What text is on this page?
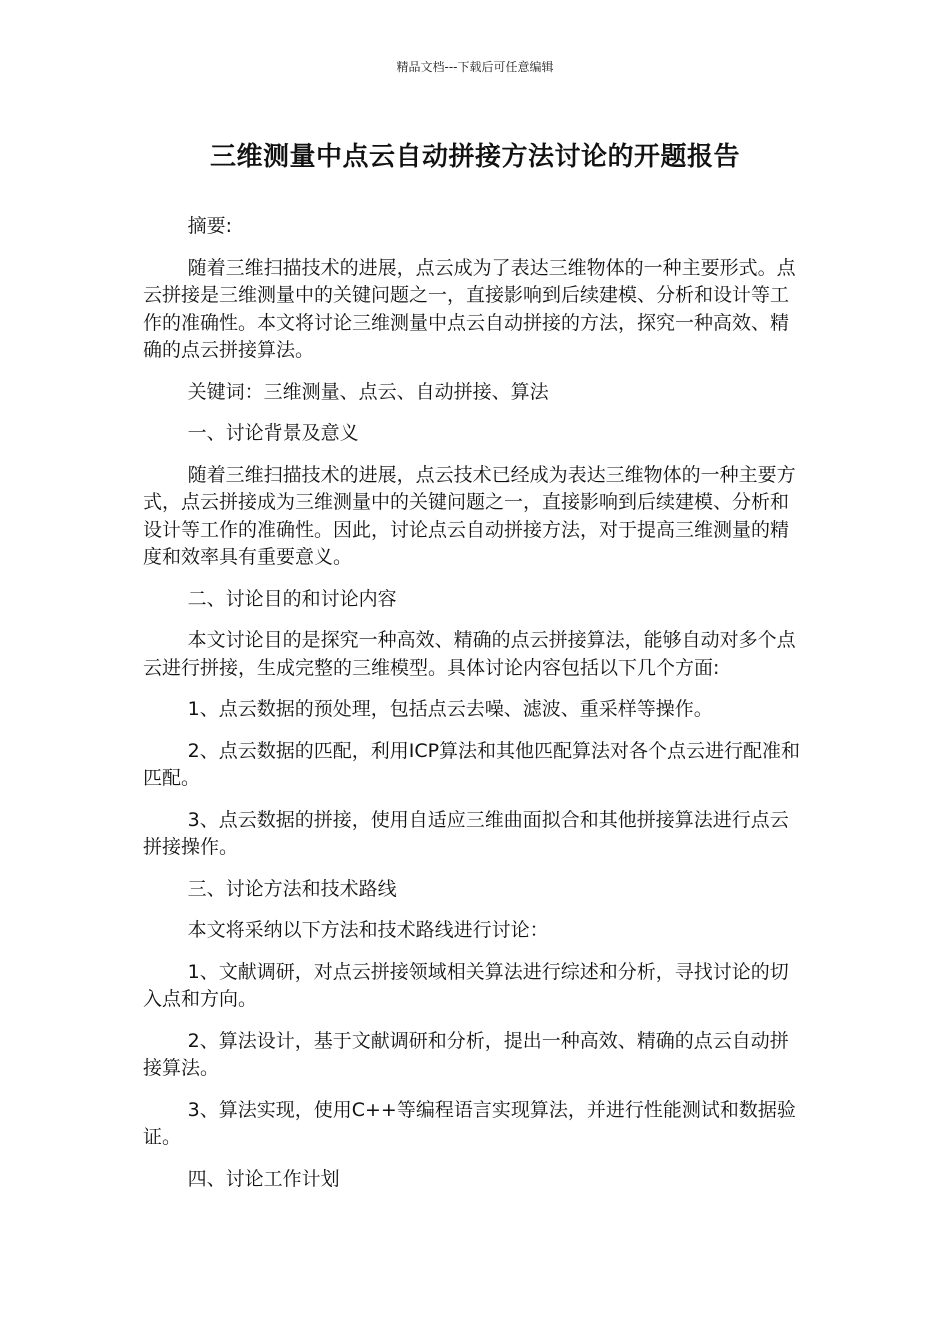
精品文档---下载后可任意编辑
三维测量中点云自动拼接方法讨论的开题报告

摘要:

随着三维扫描技术的进展，点云成为了表达三维物体的一种主要形式。点云拼接是三维测量中的关键问题之一，直接影响到后续建模、分析和设计等工作的准确性。本文将讨论三维测量中点云自动拼接的方法，探究一种高效、精确的点云拼接算法。

关键词：三维测量、点云、自动拼接、算法

一、讨论背景及意义

随着三维扫描技术的进展，点云技术已经成为表达三维物体的一种主要方式，点云拼接成为三维测量中的关键问题之一，直接影响到后续建模、分析和设计等工作的准确性。因此，讨论点云自动拼接方法，对于提高三维测量的精度和效率具有重要意义。

二、讨论目的和讨论内容

本文讨论目的是探究一种高效、精确的点云拼接算法，能够自动对多个点云进行拼接，生成完整的三维模型。具体讨论内容包括以下几个方面:

1、点云数据的预处理，包括点云去噪、滤波、重采样等操作。

2、点云数据的匹配，利用ICP算法和其他匹配算法对各个点云进行配准和匹配。

3、点云数据的拼接，使用自适应三维曲面拟合和其他拼接算法进行点云拼接操作。

三、讨论方法和技术路线

本文将采纳以下方法和技术路线进行讨论：

1、文献调研，对点云拼接领域相关算法进行综述和分析，寻找讨论的切入点和方向。

2、算法设计，基于文献调研和分析，提出一种高效、精确的点云自动拼接算法。

3、算法实现，使用C++等编程语言实现算法，并进行性能测试和数据验证。

四、讨论工作计划
